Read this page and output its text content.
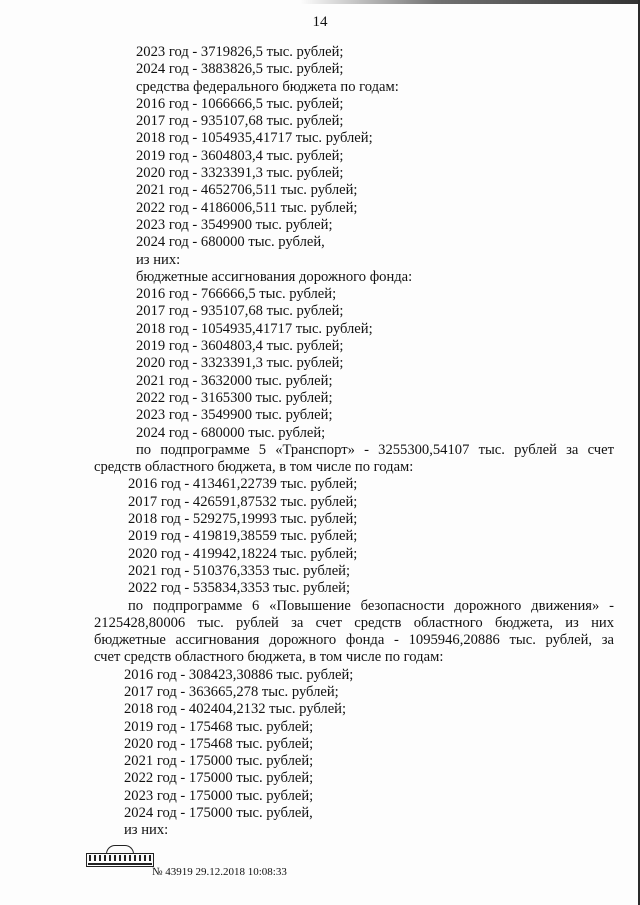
14
2023 год - 3719826,5 тыс. рублей;
2024 год - 3883826,5 тыс. рублей;
средства федерального бюджета по годам:
2016 год - 1066666,5 тыс. рублей;
2017 год - 935107,68 тыс. рублей;
2018 год - 1054935,41717 тыс. рублей;
2019 год - 3604803,4 тыс. рублей;
2020 год - 3323391,3 тыс. рублей;
2021 год - 4652706,511 тыс. рублей;
2022 год - 4186006,511 тыс. рублей;
2023 год - 3549900 тыс. рублей;
2024 год - 680000 тыс. рублей,
из них:
бюджетные ассигнования дорожного фонда:
2016 год - 766666,5 тыс. рублей;
2017 год - 935107,68 тыс. рублей;
2018 год - 1054935,41717 тыс. рублей;
2019 год - 3604803,4 тыс. рублей;
2020 год - 3323391,3 тыс. рублей;
2021 год - 3632000 тыс. рублей;
2022 год - 3165300 тыс. рублей;
2023 год - 3549900 тыс. рублей;
2024 год - 680000 тыс. рублей;
по подпрограмме 5 «Транспорт» - 3255300,54107 тыс. рублей за счет
средств областного бюджета, в том числе по годам:
2016 год - 413461,22739 тыс. рублей;
2017 год - 426591,87532 тыс. рублей;
2018 год - 529275,19993 тыс. рублей;
2019 год - 419819,38559 тыс. рублей;
2020 год - 419942,18224 тыс. рублей;
2021 год - 510376,3353 тыс. рублей;
2022 год - 535834,3353 тыс. рублей;
по подпрограмме 6 «Повышение безопасности дорожного движения» -
2125428,80006 тыс. рублей за счет средств областного бюджета, из них
бюджетные ассигнования дорожного фонда - 1095946,20886 тыс. рублей, за
счет средств областного бюджета, в том числе по годам:
2016 год - 308423,30886 тыс. рублей;
2017 год - 363665,278 тыс. рублей;
2018 год - 402404,2132 тыс. рублей;
2019 год - 175468 тыс. рублей;
2020 год - 175468 тыс. рублей;
2021 год - 175000 тыс. рублей;
2022 год - 175000 тыс. рублей;
2023 год - 175000 тыс. рублей;
2024 год - 175000 тыс. рублей,
из них:
№ 43919 29.12.2018 10:08:33
